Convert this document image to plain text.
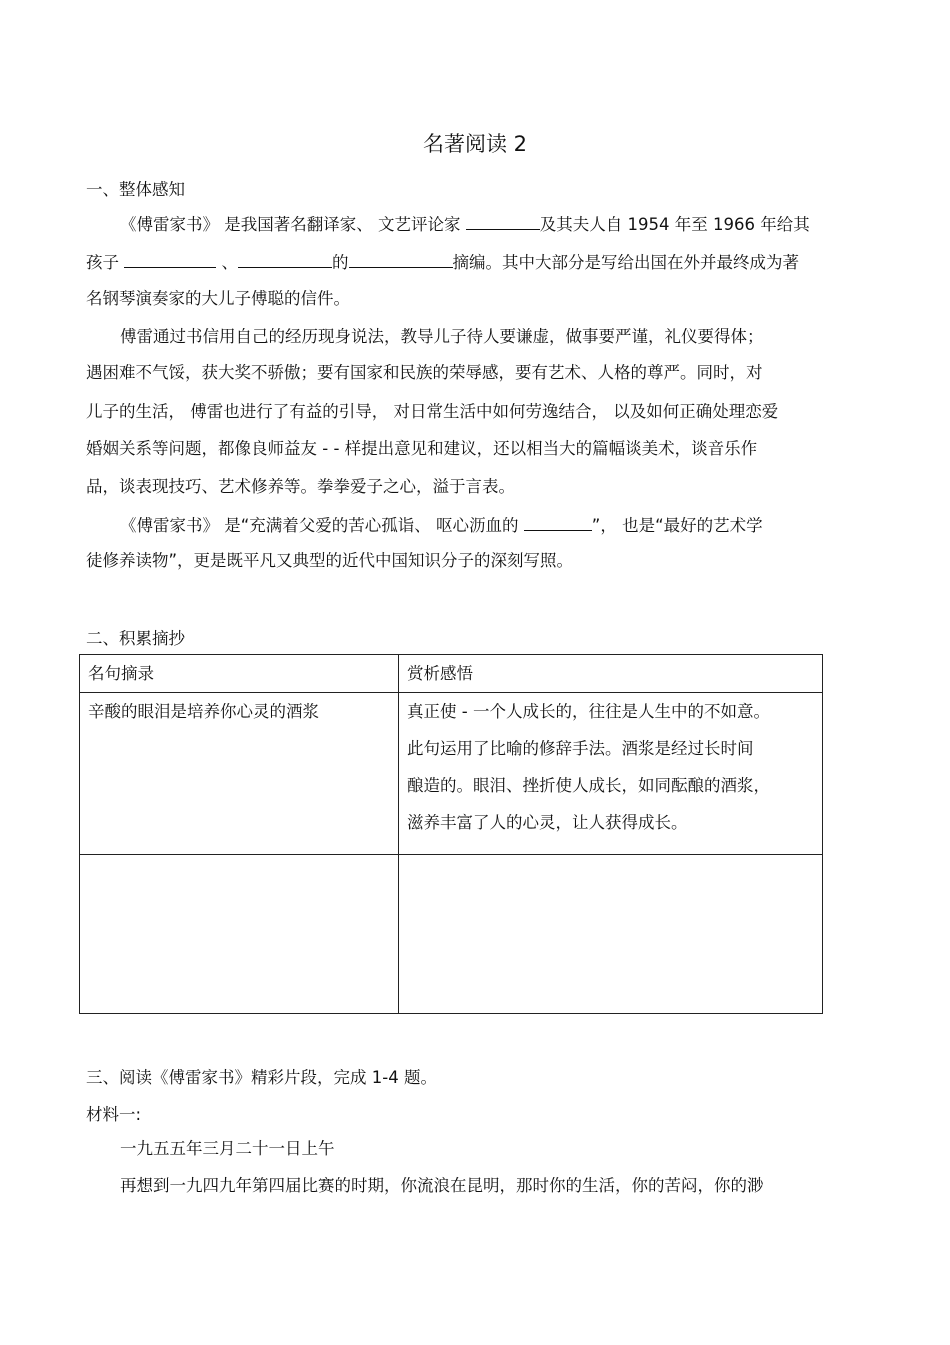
名著阅读 2
一、整体感知
《傅雷家书》 是我国著名翻译家、 文艺评论家	及其夫人自 1954 年至 1966 年给其
孩子	、	的	摘编。其中大部分是写给出国在外并最终成为著
名钢琴演奏家的大儿子傅聪的信件。
傅雷通过书信用自己的经历现身说法，教导儿子待人要谦虚，做事要严谨，礼仪要得体；
遇困难不气馁，获大奖不骄傲；要有国家和民族的荣辱感，要有艺术、人格的尊严。同时，对
儿子的生活， 傅雷也进行了有益的引导， 对日常生活中如何劳逸结合， 以及如何正确处理恋爱
婚姻关系等问题，都像良师益友 - - 样提出意见和建议，还以相当大的篇幅谈美术，谈音乐作
品，谈表现技巧、艺术修养等。拳拳爱子之心，溢于言表。
《傅雷家书》 是“充满着父爱的苦心孤诣、 呕心沥血的	”， 也是“最好的艺术学
徒修养读物”，更是既平凡又典型的近代中国知识分子的深刻写照。
二、积累摘抄
名句摘录	赏析感悟

辛酸的眼泪是培养你心灵的酒浆	真正使 - 一个人成长的，往往是人生中的不如意。
此句运用了比喻的修辞手法。酒浆是经过长时间
酿造的。眼泪、挫折使人成长，如同酝酿的酒浆，
滋养丰富了人的心灵，让人获得成长。

三、阅读《傅雷家书》精彩片段，完成 1-4 题。
材料一:
一九五五年三月二十一日上午
再想到一九四九年第四届比赛的时期，你流浪在昆明，那时你的生活，你的苦闷，你的渺
